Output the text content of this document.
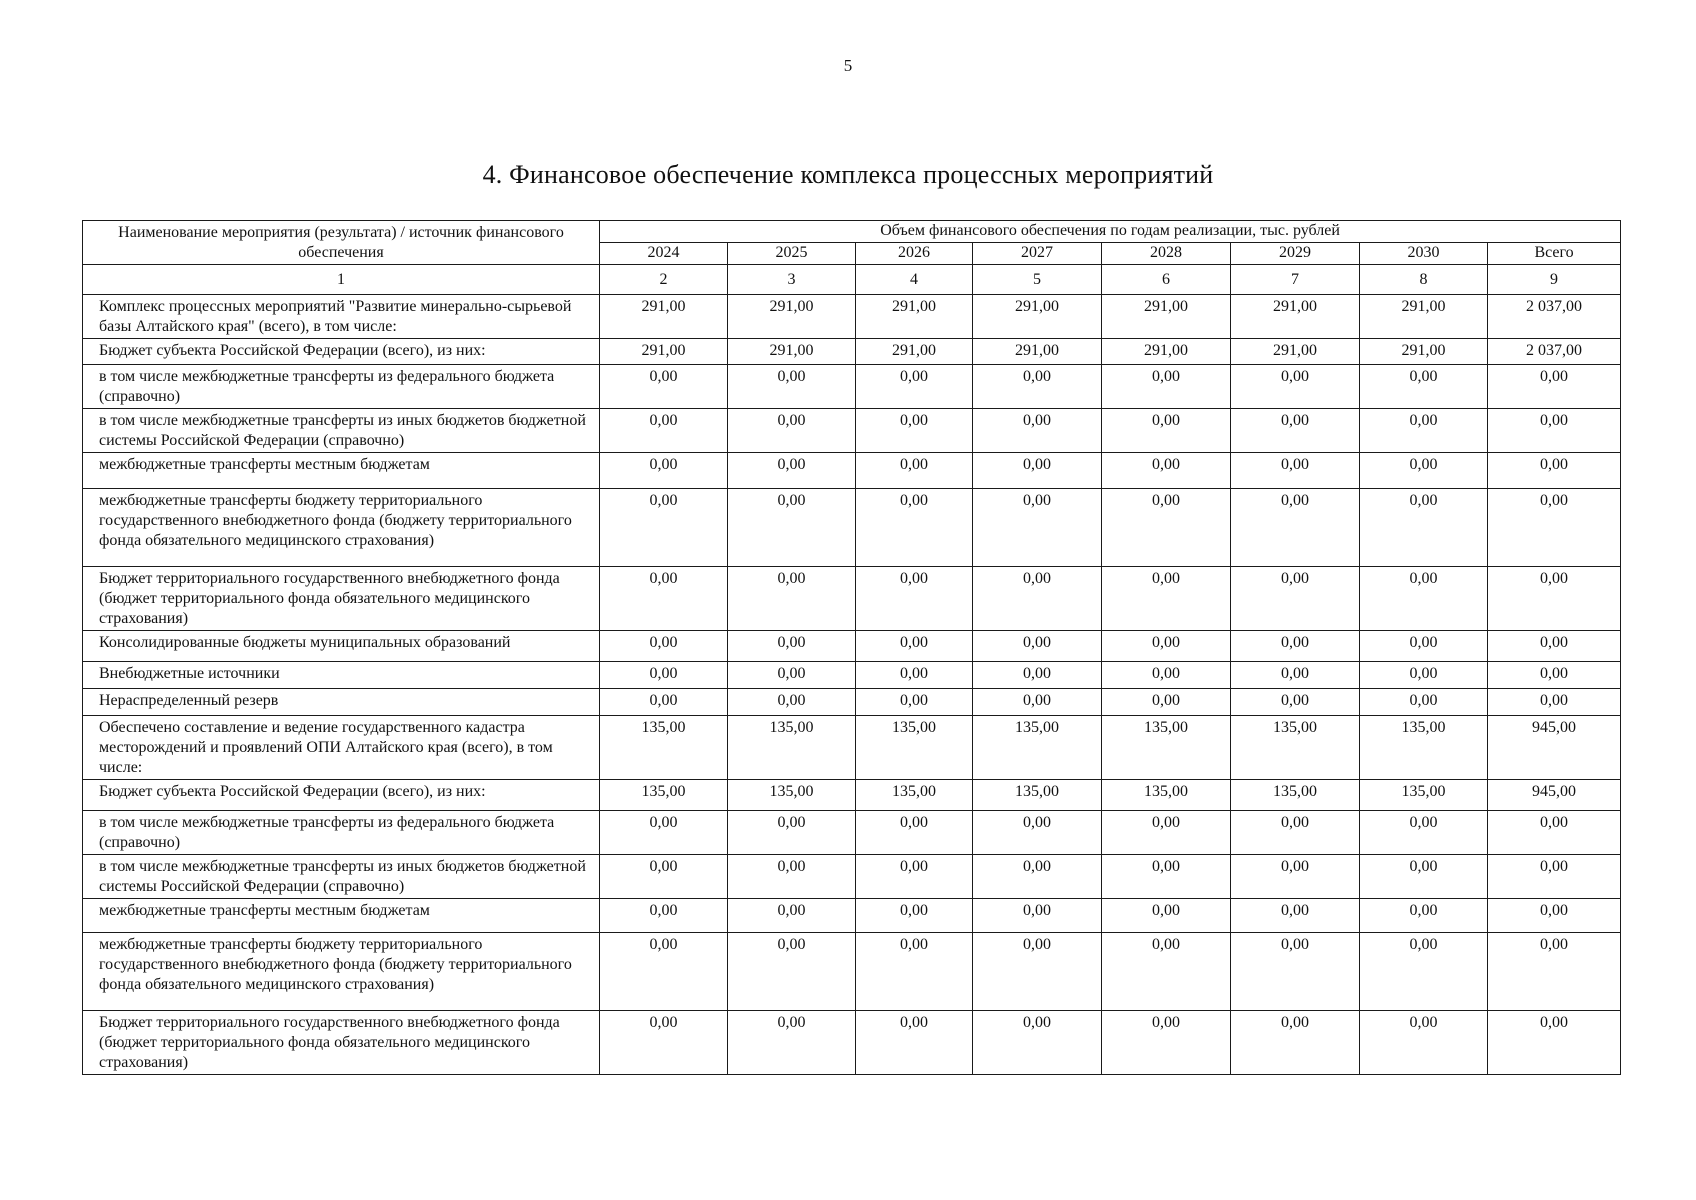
5
4. Финансовое обеспечение комплекса процессных мероприятий
Наименование мероприятия (результата) / источник финансового обеспечения	Объем финансового обеспечения по годам реализации, тыс. рублей							
	2024	2025	2026	2027	2028	2029	2030	Всего
1	2	3	4	5	6	7	8	9
Комплекс процессных мероприятий "Развитие минерально-сырьевой базы Алтайского края" (всего), в том числе:	291,00	291,00	291,00	291,00	291,00	291,00	291,00	2 037,00
Бюджет субъекта Российской Федерации (всего), из них:	291,00	291,00	291,00	291,00	291,00	291,00	291,00	2 037,00
в том числе межбюджетные трансферты из федерального бюджета (справочно)	0,00	0,00	0,00	0,00	0,00	0,00	0,00	0,00
в том числе межбюджетные трансферты из иных бюджетов бюджетной системы Российской Федерации (справочно)	0,00	0,00	0,00	0,00	0,00	0,00	0,00	0,00
межбюджетные трансферты местным бюджетам	0,00	0,00	0,00	0,00	0,00	0,00	0,00	0,00
межбюджетные трансферты бюджету территориального государственного внебюджетного фонда (бюджету территориального фонда обязательного медицинского страхования)	0,00	0,00	0,00	0,00	0,00	0,00	0,00	0,00
Бюджет территориального государственного внебюджетного фонда (бюджет территориального фонда обязательного медицинского страхования)	0,00	0,00	0,00	0,00	0,00	0,00	0,00	0,00
Консолидированные бюджеты муниципальных образований	0,00	0,00	0,00	0,00	0,00	0,00	0,00	0,00
Внебюджетные источники	0,00	0,00	0,00	0,00	0,00	0,00	0,00	0,00
Нераспределенный резерв	0,00	0,00	0,00	0,00	0,00	0,00	0,00	0,00
Обеспечено составление и ведение государственного кадастра месторождений и проявлений ОПИ Алтайского края (всего), в том числе:	135,00	135,00	135,00	135,00	135,00	135,00	135,00	945,00
Бюджет субъекта Российской Федерации (всего), из них:	135,00	135,00	135,00	135,00	135,00	135,00	135,00	945,00
в том числе межбюджетные трансферты из федерального бюджета (справочно)	0,00	0,00	0,00	0,00	0,00	0,00	0,00	0,00
в том числе межбюджетные трансферты из иных бюджетов бюджетной системы Российской Федерации (справочно)	0,00	0,00	0,00	0,00	0,00	0,00	0,00	0,00
межбюджетные трансферты местным бюджетам	0,00	0,00	0,00	0,00	0,00	0,00	0,00	0,00
межбюджетные трансферты бюджету территориального государственного внебюджетного фонда (бюджету территориального фонда обязательного медицинского страхования)	0,00	0,00	0,00	0,00	0,00	0,00	0,00	0,00
Бюджет территориального государственного внебюджетного фонда (бюджет территориального фонда обязательного медицинского страхования)	0,00	0,00	0,00	0,00	0,00	0,00	0,00	0,00
